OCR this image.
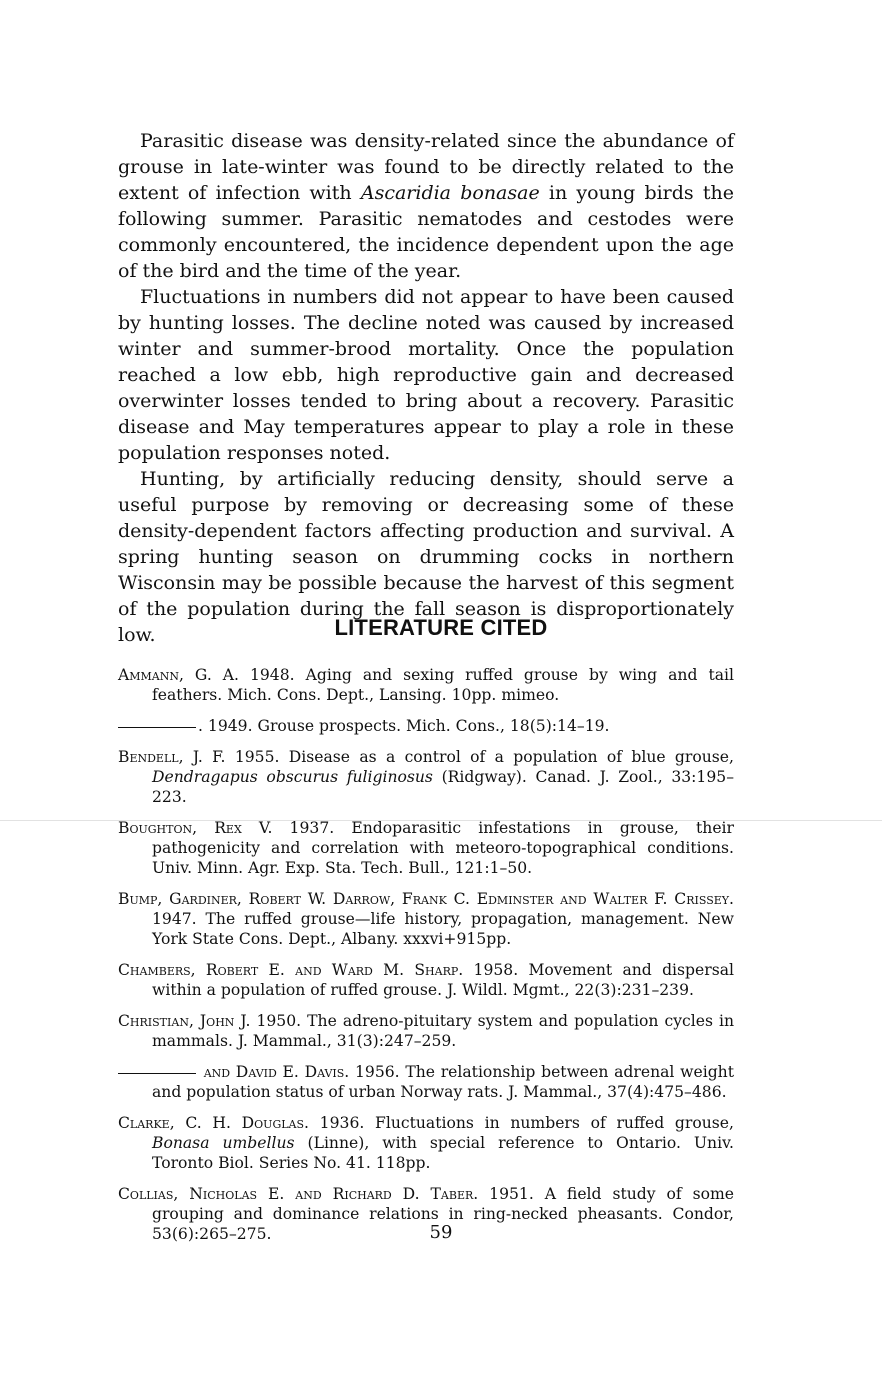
Parasitic disease was density-related since the abundance of grouse in late-winter was found to be directly related to the extent of infection with Ascaridia bonasae in young birds the following summer. Parasitic nematodes and cestodes were commonly encountered, the incidence dependent upon the age of the bird and the time of the year.

Fluctuations in numbers did not appear to have been caused by hunting losses. The decline noted was caused by increased winter and summer-brood mortality. Once the population reached a low ebb, high reproductive gain and decreased overwinter losses tended to bring about a recovery. Parasitic disease and May temperatures appear to play a role in these population responses noted.

Hunting, by artificially reducing density, should serve a useful purpose by removing or decreasing some of these density-dependent factors affecting production and survival. A spring hunting season on drumming cocks in northern Wisconsin may be possible because the harvest of this segment of the population during the fall season is disproportionately low.	LITERATURE CITED
Ammann, G. A. 1948. Aging and sexing ruffed grouse by wing and tail feathers. Mich. Cons. Dept., Lansing. 10pp. mimeo.
. 1949. Grouse prospects. Mich. Cons., 18(5):14–19.
Bendell, J. F. 1955. Disease as a control of a population of blue grouse, Dendragapus obscurus fuliginosus (Ridgway). Canad. J. Zool., 33:195–223.
Boughton, Rex V. 1937. Endoparasitic infestations in grouse, their pathogenicity and correlation with meteoro-topographical conditions. Univ. Minn. Agr. Exp. Sta. Tech. Bull., 121:1–50.
Bump, Gardiner, Robert W. Darrow, Frank C. Edminster and Walter F. Crissey. 1947. The ruffed grouse—life history, propagation, management. New York State Cons. Dept., Albany. xxxvi+915pp.
Chambers, Robert E. and Ward M. Sharp. 1958. Movement and dispersal within a population of ruffed grouse. J. Wildl. Mgmt., 22(3):231–239.
Christian, John J. 1950. The adreno-pituitary system and population cycles in mammals. J. Mammal., 31(3):247–259.
and David E. Davis. 1956. The relationship between adrenal weight and population status of urban Norway rats. J. Mammal., 37(4):475–486.
Clarke, C. H. Douglas. 1936. Fluctuations in numbers of ruffed grouse, Bonasa umbellus (Linne), with special reference to Ontario. Univ. Toronto Biol. Series No. 41. 118pp.
Collias, Nicholas E. and Richard D. Taber. 1951. A field study of some grouping and dominance relations in ring-necked pheasants. Condor, 53(6):265–275.	59
